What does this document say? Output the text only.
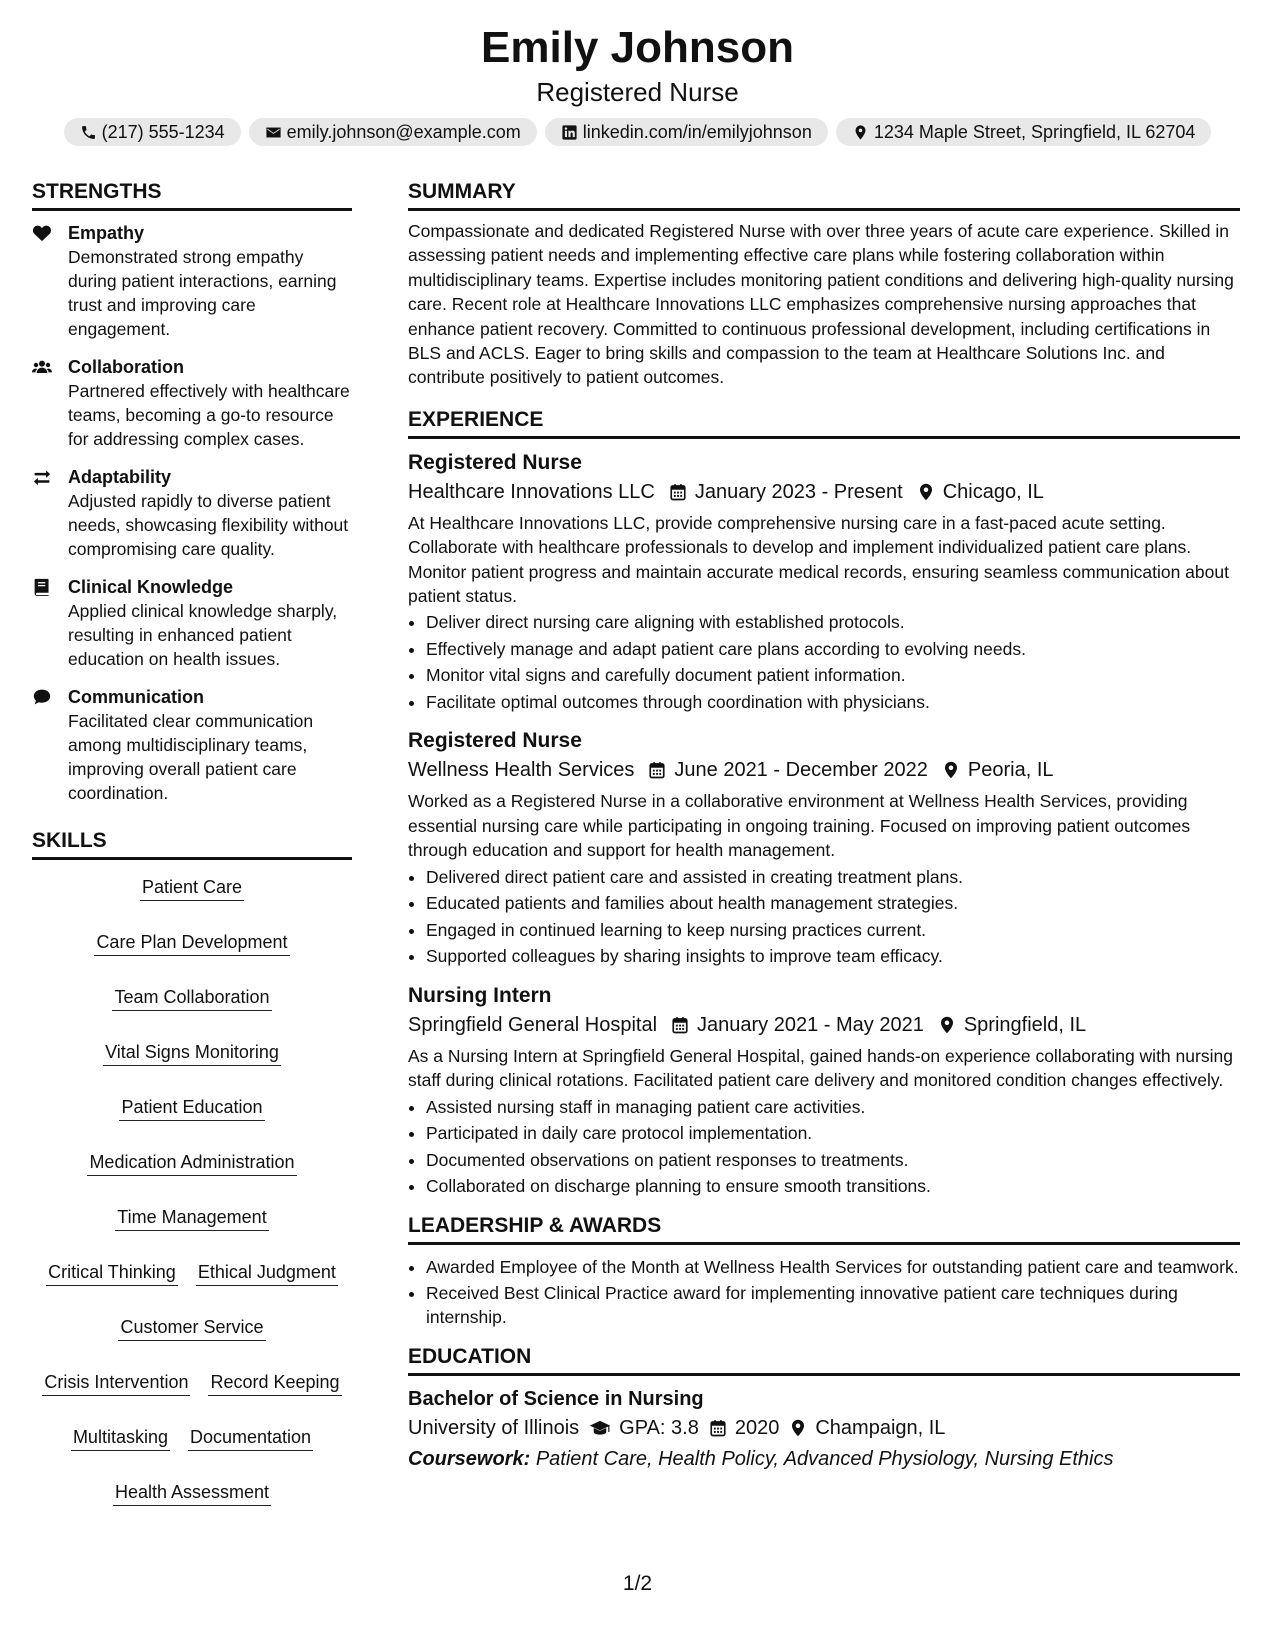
Emily Johnson
Registered Nurse
(217) 555-1234	emily.johnson@example.com	linkedin.com/in/emilyjohnson	1234 Maple Street, Springfield, IL 62704
STRENGTHS
Empathy
Demonstrated strong empathy during patient interactions, earning trust and improving care engagement.
Collaboration
Partnered effectively with healthcare teams, becoming a go-to resource for addressing complex cases.
Adaptability
Adjusted rapidly to diverse patient needs, showcasing flexibility without compromising care quality.
Clinical Knowledge
Applied clinical knowledge sharply, resulting in enhanced patient education on health issues.
Communication
Facilitated clear communication among multidisciplinary teams, improving overall patient care coordination.
SKILLS
Patient Care
Care Plan Development
Team Collaboration
Vital Signs Monitoring
Patient Education
Medication Administration
Time Management
Critical Thinking Ethical Judgment
Customer Service
Crisis Intervention Record Keeping
Multitasking Documentation
Health Assessment
SUMMARY
Compassionate and dedicated Registered Nurse with over three years of acute care experience. Skilled in assessing patient needs and implementing effective care plans while fostering collaboration within multidisciplinary teams. Expertise includes monitoring patient conditions and delivering high-quality nursing care. Recent role at Healthcare Innovations LLC emphasizes comprehensive nursing approaches that enhance patient recovery. Committed to continuous professional development, including certifications in BLS and ACLS. Eager to bring skills and compassion to the team at Healthcare Solutions Inc. and contribute positively to patient outcomes.
EXPERIENCE
Registered Nurse
Healthcare Innovations LLC January 2023 - Present Chicago, IL
At Healthcare Innovations LLC, provide comprehensive nursing care in a fast-paced acute setting. Collaborate with healthcare professionals to develop and implement individualized patient care plans. Monitor patient progress and maintain accurate medical records, ensuring seamless communication about patient status.
• Deliver direct nursing care aligning with established protocols.
• Effectively manage and adapt patient care plans according to evolving needs.
• Monitor vital signs and carefully document patient information.
• Facilitate optimal outcomes through coordination with physicians.
Registered Nurse
Wellness Health Services June 2021 - December 2022 Peoria, IL
Worked as a Registered Nurse in a collaborative environment at Wellness Health Services, providing essential nursing care while participating in ongoing training. Focused on improving patient outcomes through education and support for health management.
• Delivered direct patient care and assisted in creating treatment plans.
• Educated patients and families about health management strategies.
• Engaged in continued learning to keep nursing practices current.
• Supported colleagues by sharing insights to improve team efficacy.
Nursing Intern
Springfield General Hospital January 2021 - May 2021 Springfield, IL
As a Nursing Intern at Springfield General Hospital, gained hands-on experience collaborating with nursing staff during clinical rotations. Facilitated patient care delivery and monitored condition changes effectively.
• Assisted nursing staff in managing patient care activities.
• Participated in daily care protocol implementation.
• Documented observations on patient responses to treatments.
• Collaborated on discharge planning to ensure smooth transitions.
LEADERSHIP & AWARDS
• Awarded Employee of the Month at Wellness Health Services for outstanding patient care and teamwork.
• Received Best Clinical Practice award for implementing innovative patient care techniques during internship.
EDUCATION
Bachelor of Science in Nursing
University of Illinois GPA: 3.8 2020 Champaign, IL
Coursework: Patient Care, Health Policy, Advanced Physiology, Nursing Ethics
1/2
